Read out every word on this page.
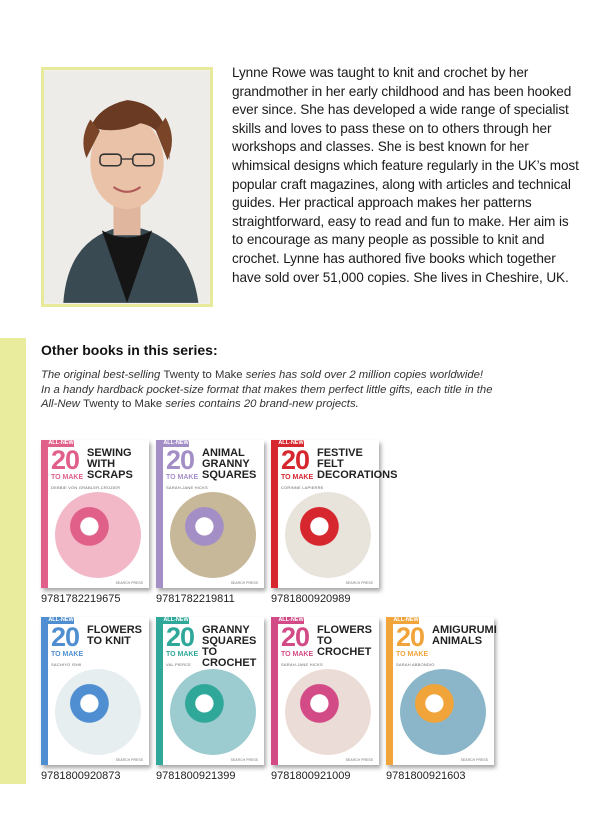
Lynne Rowe was taught to knit and crochet by her grandmother in her early childhood and has been hooked ever since. She has developed a wide range of specialist skills and loves to pass these on to others through her workshops and classes. She is best known for her whimsical designs which feature regularly in the UK’s most popular craft magazines, along with articles and technical guides. Her practical approach makes her patterns straightforward, easy to read and fun to make. Her aim is to encourage as many people as possible to knit and crochet. Lynne has authored five books which together have sold over 51,000 copies. She lives in Cheshire, UK.

Other books in this series:
The original best-selling Twenty to Make series has sold over 2 million copies worldwide!
In a handy hardback pocket-size format that makes them perfect little gifts, each title in the
All-New Twenty to Make series contains 20 brand-new projects.
ALL-NEW
20
TO MAKE
SEWING WITH SCRAPS
DEBBIE VON GRABLER-CROZIER
SEARCH PRESS
9781782219675
ALL-NEW
20
TO MAKE
ANIMAL GRANNY SQUARES
SARAH-JANE HICKS
SEARCH PRESS
9781782219811
ALL-NEW
20
TO MAKE
FESTIVE FELT DECORATIONS
CORINNE LAPIERRE
SEARCH PRESS
9781800920989
ALL-NEW
20
TO MAKE
FLOWERS TO KNIT
SACHIYO ISHII
SEARCH PRESS
9781800920873
ALL-NEW
20
TO MAKE
GRANNY SQUARES TO CROCHET
VAL PIERCE
SEARCH PRESS
9781800921399
ALL-NEW
20
TO MAKE
FLOWERS TO CROCHET
SARAH-JANE HICKS
SEARCH PRESS
9781800921009
ALL-NEW
20
TO MAKE
AMIGURUMI ANIMALS
SARAH ABBONDIO
SEARCH PRESS
9781800921603
